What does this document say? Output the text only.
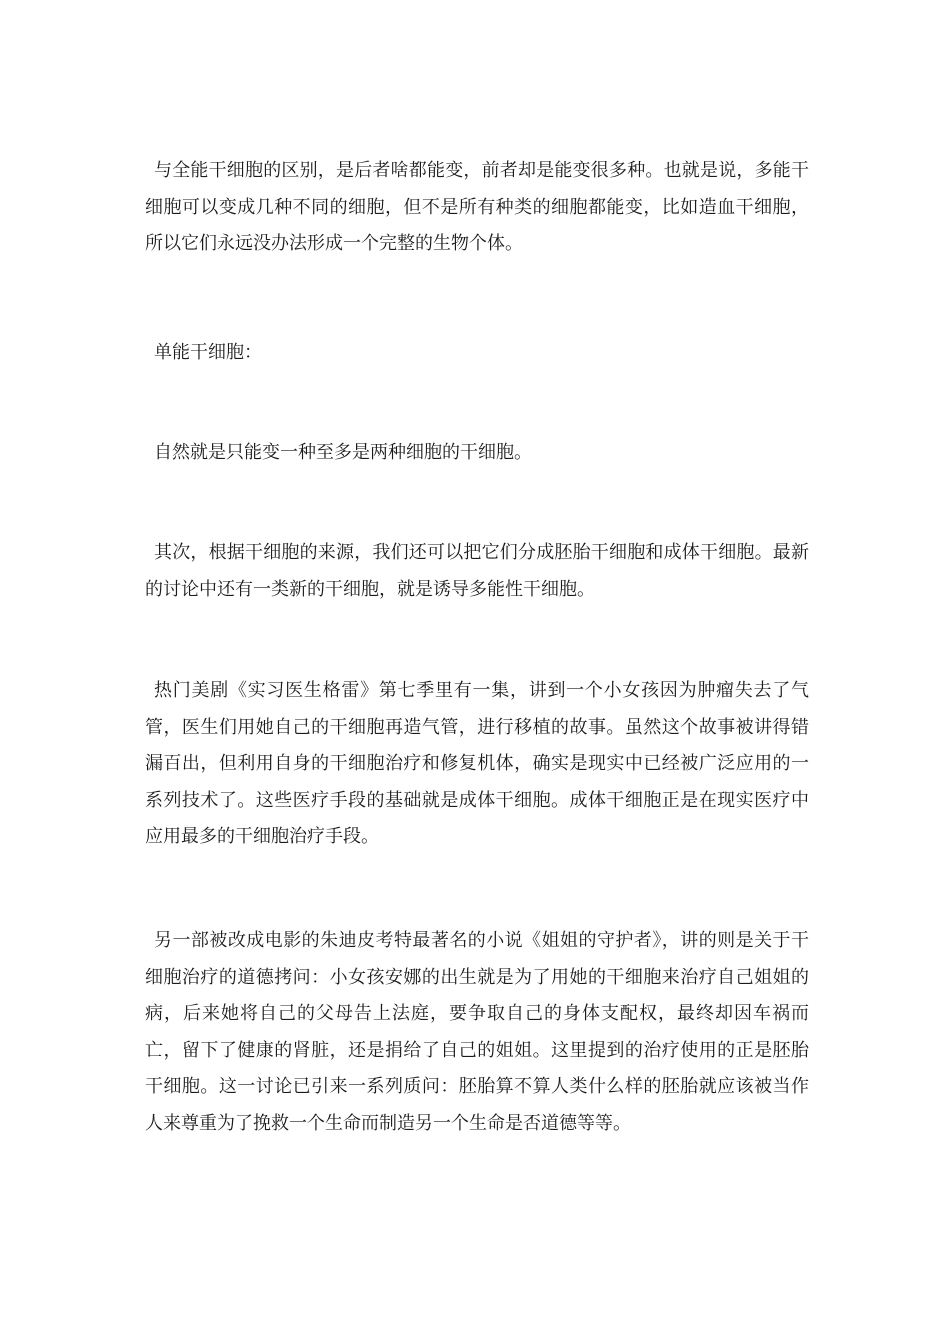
与全能干细胞的区别，是后者啥都能变，前者却是能变很多种。也就是说，多能干细胞可以变成几种不同的细胞，但不是所有种类的细胞都能变，比如造血干细胞，所以它们永远没办法形成一个完整的生物个体。

单能干细胞：

自然就是只能变一种至多是两种细胞的干细胞。

其次，根据干细胞的来源，我们还可以把它们分成胚胎干细胞和成体干细胞。最新的讨论中还有一类新的干细胞，就是诱导多能性干细胞。

热门美剧《实习医生格雷》第七季里有一集，讲到一个小女孩因为肿瘤失去了气管，医生们用她自己的干细胞再造气管，进行移植的故事。虽然这个故事被讲得错漏百出，但利用自身的干细胞治疗和修复机体，确实是现实中已经被广泛应用的一系列技术了。这些医疗手段的基础就是成体干细胞。成体干细胞正是在现实医疗中应用最多的干细胞治疗手段。

另一部被改成电影的朱迪皮考特最著名的小说《姐姐的守护者》，讲的则是关于干细胞治疗的道德拷问：小女孩安娜的出生就是为了用她的干细胞来治疗自己姐姐的病，后来她将自己的父母告上法庭，要争取自己的身体支配权，最终却因车祸而亡，留下了健康的肾脏，还是捐给了自己的姐姐。这里提到的治疗使用的正是胚胎干细胞。这一讨论已引来一系列质问：胚胎算不算人类什么样的胚胎就应该被当作人来尊重为了挽救一个生命而制造另一个生命是否道德等等。
